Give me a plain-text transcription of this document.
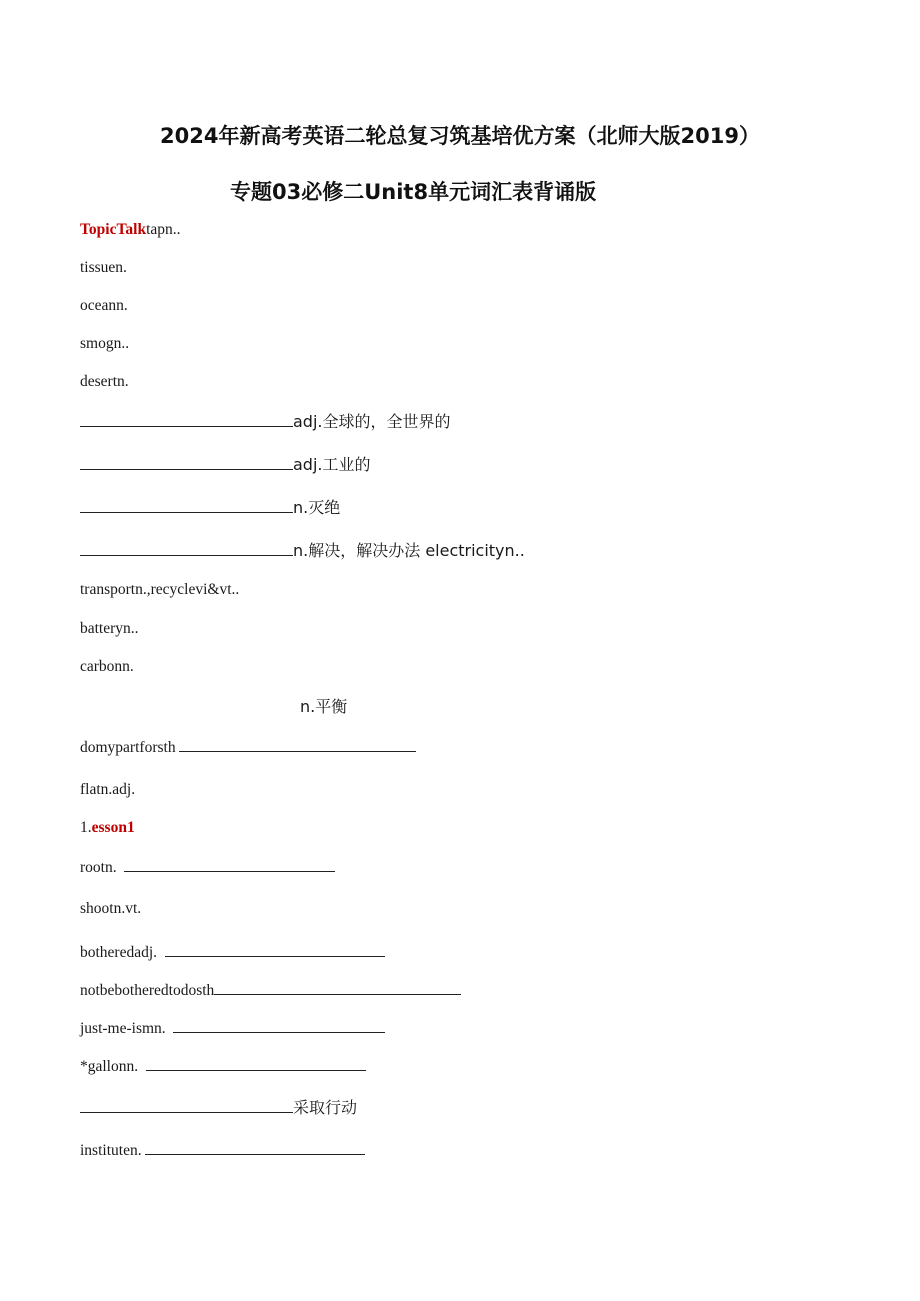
2024年新高考英语二轮总复习筑基培优方案（北师大版2019）
专题03必修二Unit8单元词汇表背诵版
TopicTalktapn..
tissuen.
oceann.
smogn..
desertn.
adj.全球的，全世界的
adj.工业的
n.灭绝
n.解决，解决办法 electricityn..
transportn.,recyclevi&vt..
batteryn..
carbonn.
n.平衡
domypartforsth
flatn.adj.
1.esson1
rootn.
shootn.vt.
botheredadj.
notbebotheredtodosth
just-me-ismn.
*gallonn.
采取行动
instituten.
